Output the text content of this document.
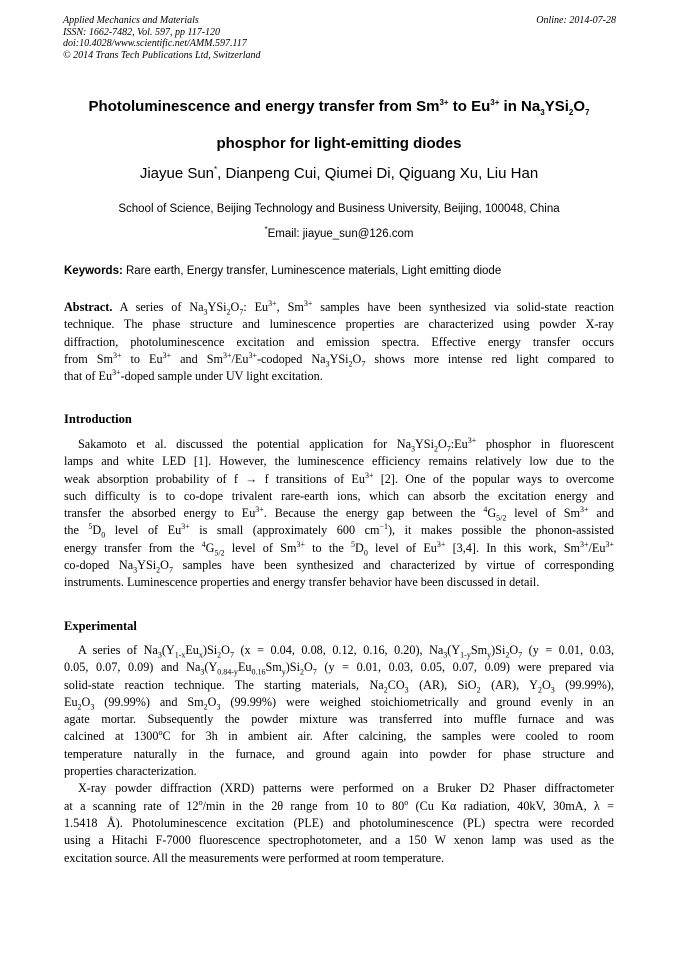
Applied Mechanics and Materials
ISSN: 1662-7482, Vol. 597, pp 117-120
doi:10.4028/www.scientific.net/AMM.597.117
© 2014 Trans Tech Publications Ltd, Switzerland
Online: 2014-07-28
Photoluminescence and energy transfer from $Sm^{3+}$ to $Eu^{3+}$ in $Na_3YSi_2O_7$
phosphor for light-emitting diodes
Jiayue Sun*, Dianpeng Cui, Qiumei Di, Qiguang Xu, Liu Han
School of Science, Beijing Technology and Business University, Beijing, 100048, China
*Email: jiayue_sun@126.com
Keywords: Rare earth, Energy transfer, Luminescence materials, Light emitting diode
Abstract. A series of $Na_3YSi_2O_7$: $Eu^{3+}$, $Sm^{3+}$ samples have been synthesized via solid-state reaction
technique. The phase structure and luminescence properties are characterized using powder X-ray
diffraction, photoluminescence excitation and emission spectra. Effective energy transfer occurs
from $Sm^{3+}$ to $Eu^{3+}$ and $Sm^{3+}/Eu^{3+}$-codoped $Na_3YSi_2O_7$ shows more intense red light compared to
that of $Eu^{3+}$-doped sample under UV light excitation.
Introduction
Sakamoto et al. discussed the potential application for $Na_3YSi_2O_7:Eu^{3+}$ phosphor in fluorescent
lamps and white LED [1]. However, the luminescence efficiency remains relatively low due to the
weak absorption probability of f → f transitions of $Eu^{3+}$ [2]. One of the popular ways to overcome
such difficulty is to co-dope trivalent rare-earth ions, which can absorb the excitation energy and
transfer the absorbed energy to $Eu^{3+}$. Because the energy gap between the $^4G_{5/2}$ level of $Sm^{3+}$ and
the $^5D_0$ level of $Eu^{3+}$ is small (approximately 600 $cm^{-1}$), it makes possible the phonon-assisted
energy transfer from the $^4G_{5/2}$ level of $Sm^{3+}$ to the $^5D_0$ level of $Eu^{3+}$ [3,4]. In this work, $Sm^{3+}/Eu^{3+}$
co-doped $Na_3YSi_2O_7$ samples have been synthesized and characterized by virtue of corresponding
instruments. Luminescence properties and energy transfer behavior have been discussed in detail.
Experimental
A series of $Na_3(Y_{1-x}Eu_x)Si_2O_7$ (x = 0.04, 0.08, 0.12, 0.16, 0.20), $Na_3(Y_{1-y}Sm_y)Si_2O_7$ (y = 0.01, 0.03,
0.05, 0.07, 0.09) and $Na_3(Y_{0.84-y}Eu_{0.16}Sm_y)Si_2O_7$ (y = 0.01, 0.03, 0.05, 0.07, 0.09) were prepared via
solid-state reaction technique. The starting materials, $Na_2CO_3$ (AR), SiO$_2$ (AR), $Y_2O_3$ (99.99%),
$Eu_2O_3$ (99.99%) and $Sm_2O_3$ (99.99%) were weighed stoichiometrically and ground evenly in an
agate mortar. Subsequently the powder mixture was transferred into muffle furnace and was
calcined at 1300$^o$C for 3h in ambient air. After calcining, the samples were cooled to room
temperature naturally in the furnace, and ground again into powder for phase structure and
properties characterization.
X-ray powder diffraction (XRD) patterns were performed on a Bruker D2 Phaser diffractometer
at a scanning rate of 12$^o$/min in the 2θ range from 10 to 80$^o$ (Cu Kα radiation, 40kV, 30mA, λ =
1.5418 Å). Photoluminescence excitation (PLE) and photoluminescence (PL) spectra were recorded
using a Hitachi F-7000 fluorescence spectrophotometer, and a 150 W xenon lamp was used as the
excitation source. All the measurements were performed at room temperature.
